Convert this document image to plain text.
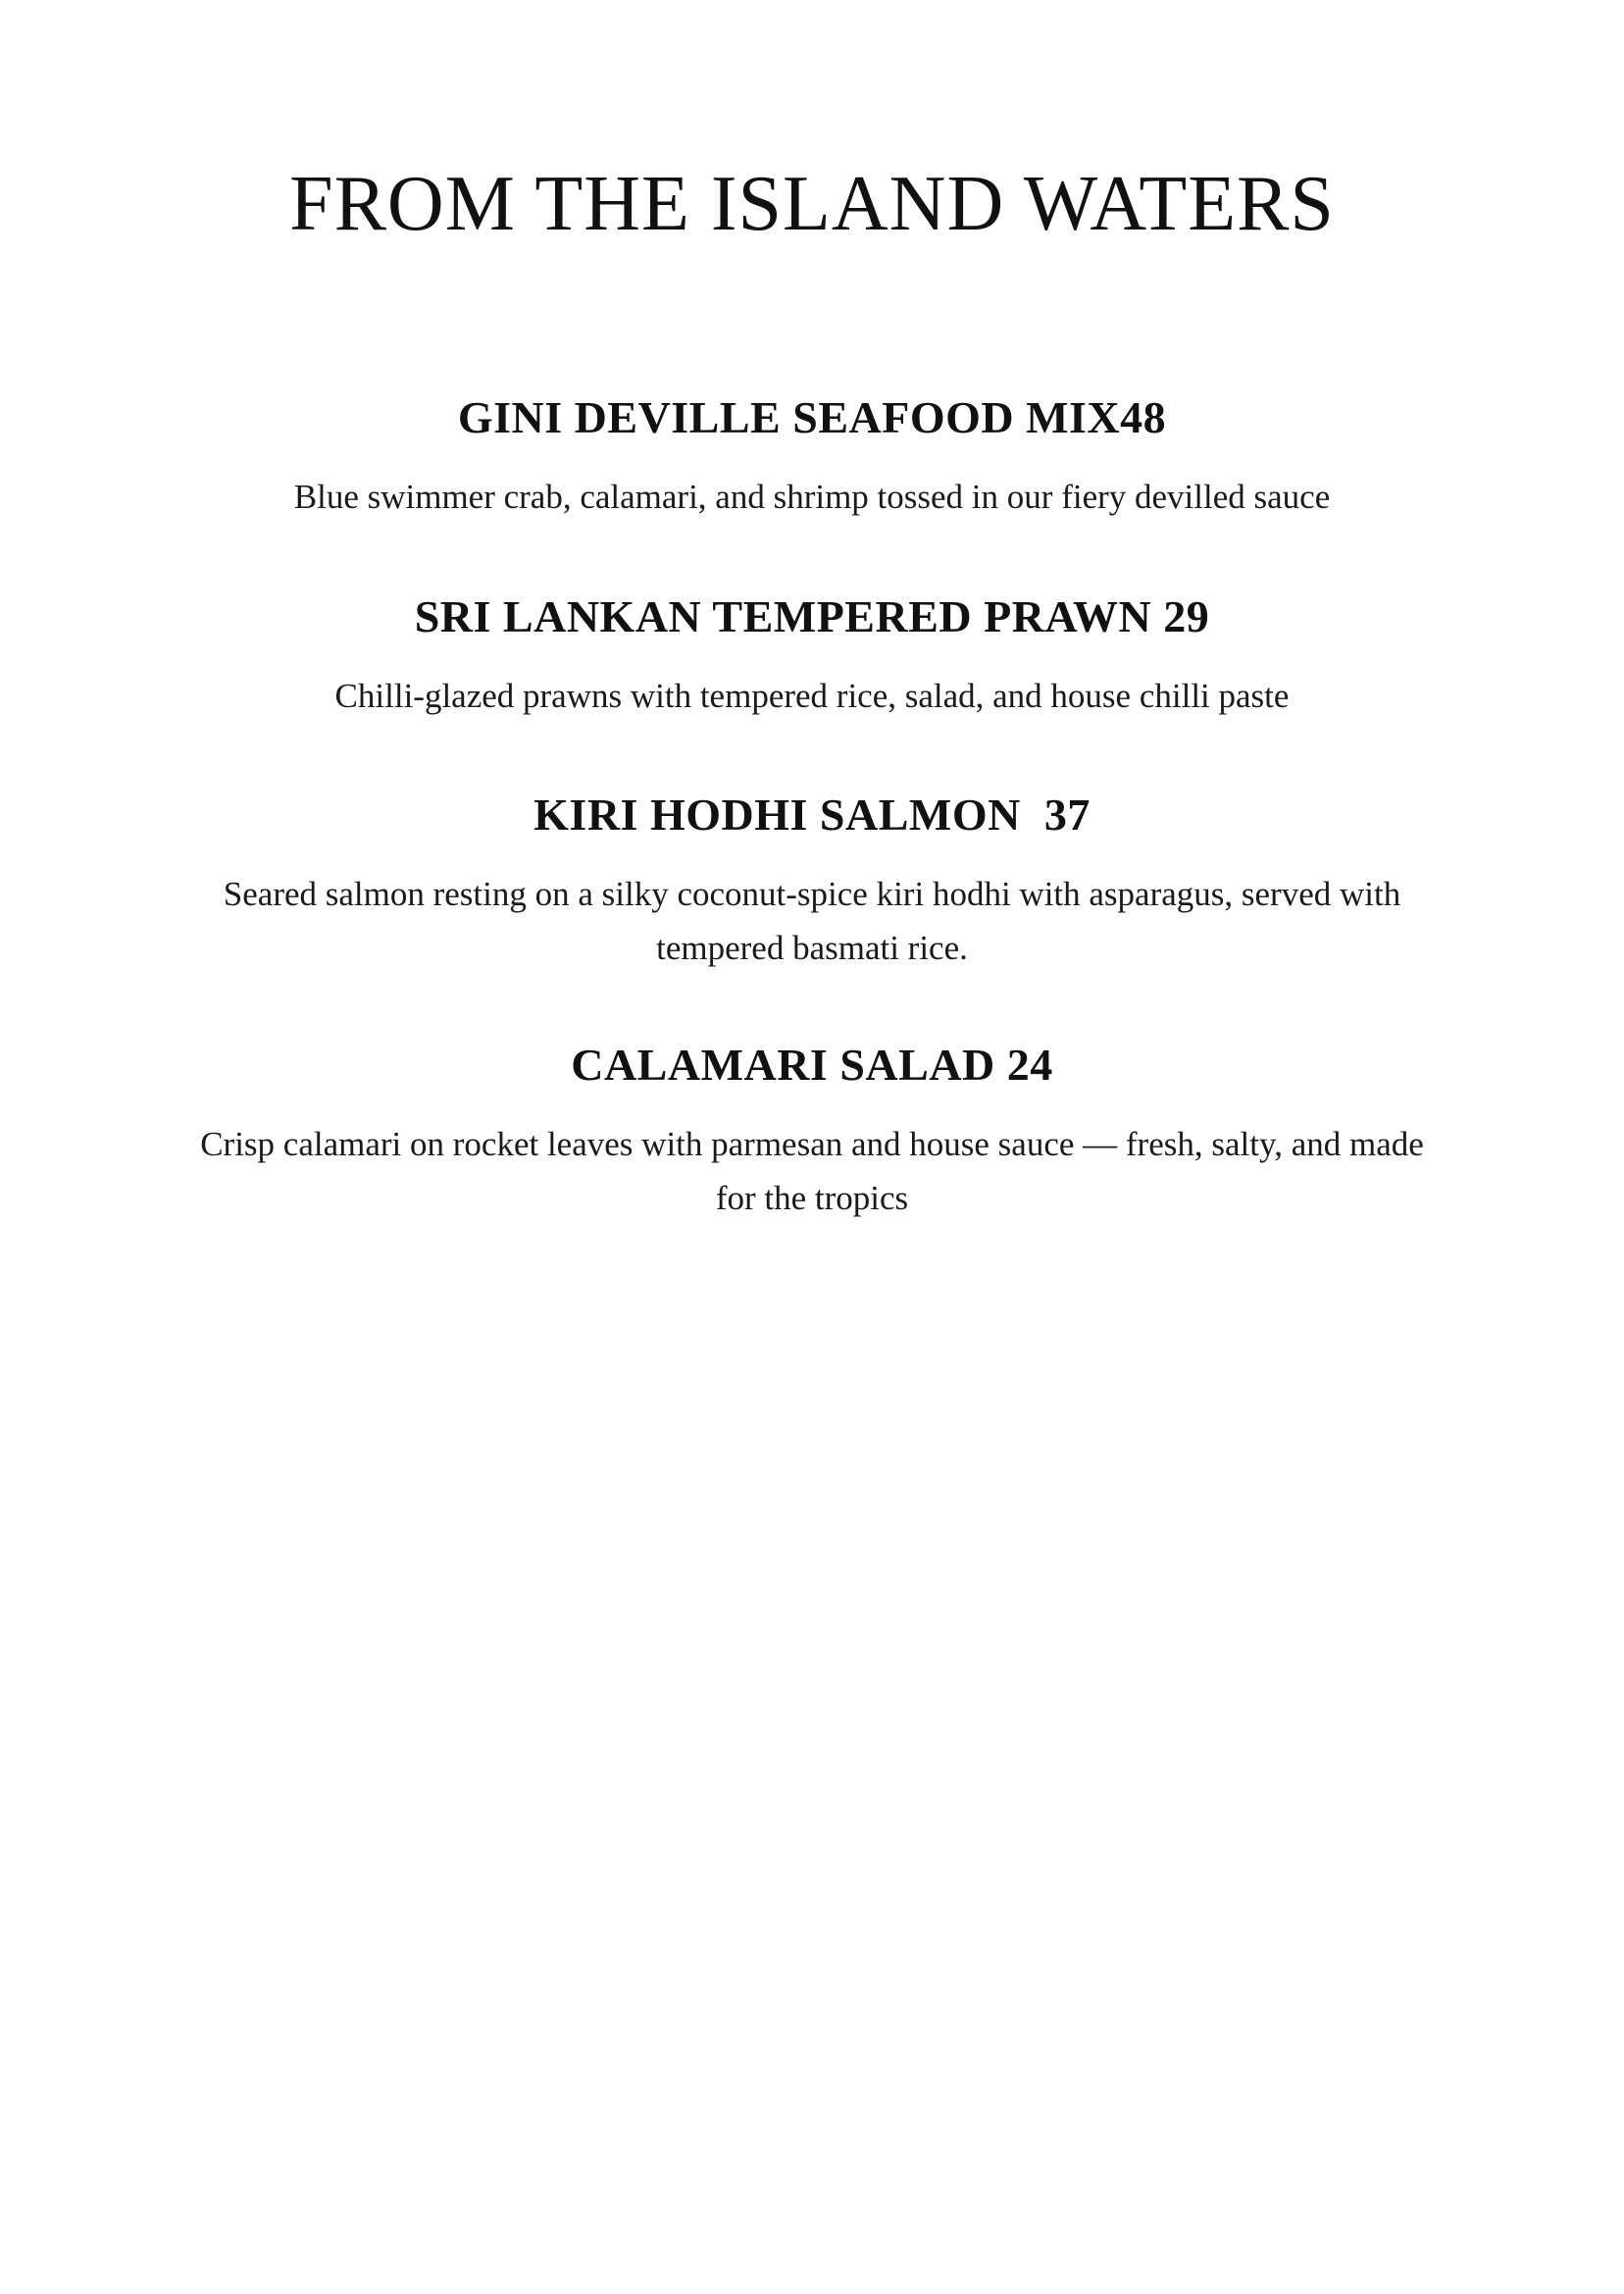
FROM THE ISLAND WATERS
GINI DEVILLE SEAFOOD MIX48

Blue swimmer crab, calamari, and shrimp tossed in our fiery devilled sauce

SRI LANKAN TEMPERED PRAWN 29

Chilli-glazed prawns with tempered rice, salad, and house chilli paste

KIRI HODHI SALMON  37

Seared salmon resting on a silky coconut-spice kiri hodhi with asparagus, served with tempered basmati rice.

CALAMARI SALAD 24

Crisp calamari on rocket leaves with parmesan and house sauce — fresh, salty, and made for the tropics
